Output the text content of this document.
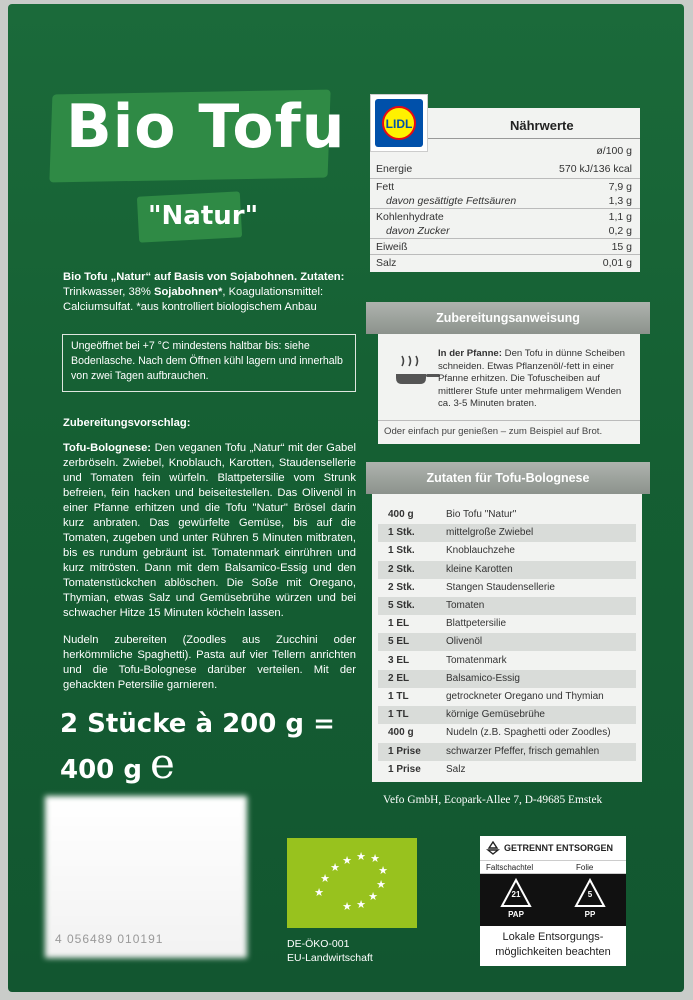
Bio Tofu
"Natur"
Bio Tofu „Natur“ auf Basis von Sojabohnen. Zutaten: Trinkwasser, 38% Sojabohnen*, Koagulationsmittel: Calciumsulfat. *aus kontrolliert biologischem Anbau
Ungeöffnet bei +7 °C mindestens haltbar bis: siehe Bodenlasche. Nach dem Öffnen kühl lagern und innerhalb von zwei Tagen aufbrauchen.
Zubereitungsvorschlag:

Tofu-Bolognese: Den veganen Tofu „Natur“ mit der Gabel zerbröseln. Zwiebel, Knoblauch, Karotten, Staudensellerie und Tomaten fein würfeln. Blattpetersilie vom Strunk befreien, fein hacken und beiseitestellen. Das Olivenöl in einer Pfanne erhitzen und die Tofu "Natur" Brösel darin kurz anbraten. Das gewürfelte Gemüse, bis auf die Tomaten, zugeben und unter Rühren 5 Minuten mitbraten, bis es rundum gebräunt ist. Tomatenmark einrühren und kurz mitrösten. Dann mit dem Balsamico-Essig und den Tomatenstückchen ablöschen. Die Soße mit Oregano, Thymian, etwas Salz und Gemüsebrühe würzen und bei schwacher Hitze 15 Minuten köcheln lassen.

Nudeln zubereiten (Zoodles aus Zucchini oder herkömmliche Spaghetti). Pasta auf vier Tellern anrichten und die Tofu-Bolognese darüber verteilen. Mit der gehackten Petersilie garnieren.

2 Stücke à 200 g =
400 g e
Nährwerte
ø/100 g
Energie	570 kJ/136 kcal
Fett	7,9 g
davon gesättigte Fettsäuren	1,3 g
Kohlenhydrate	1,1 g
davon Zucker	0,2 g
Eiweiß	15 g
Salz	0,01 g
LIDL
In der Pfanne: Den Tofu in dünne Scheiben schneiden. Etwas Pflanzenöl/-fett in einer Pfanne erhitzen. Die Tofuscheiben auf mittlerer Stufe unter mehrmaligem Wenden ca. 3-5 Minuten braten.
Oder einfach pur genießen – zum Beispiel auf Brot.
Zubereitungsanweisung
400 g	Bio Tofu "Natur"
1 Stk.	mittelgroße Zwiebel
1 Stk.	Knoblauchzehe
2 Stk.	kleine Karotten
2 Stk.	Stangen Staudensellerie
5 Stk.	Tomaten
1 EL	Blattpetersilie
5 EL	Olivenöl
3 EL	Tomatenmark
2 EL	Balsamico-Essig
1 TL	getrockneter Oregano und Thymian
1 TL	körnige Gemüsebrühe
400 g	Nudeln (z.B. Spaghetti oder Zoodles)
1 Prise	schwarzer Pfeffer, frisch gemahlen
1 Prise	Salz
Zutaten für Tofu-Bolognese
Vefo GmbH, Ecopark-Allee 7, D-49685 Emstek
4 056489 010191
★
★
★
★ ★ ★
★
★
★
★
★
DE-ÖKO-001
EU-Landwirtschaft
GETRENNT ENTSORGEN
Faltschachtel	Folie
21
PAP
5
PP
Lokale Entsorgungs-möglichkeiten beachten
